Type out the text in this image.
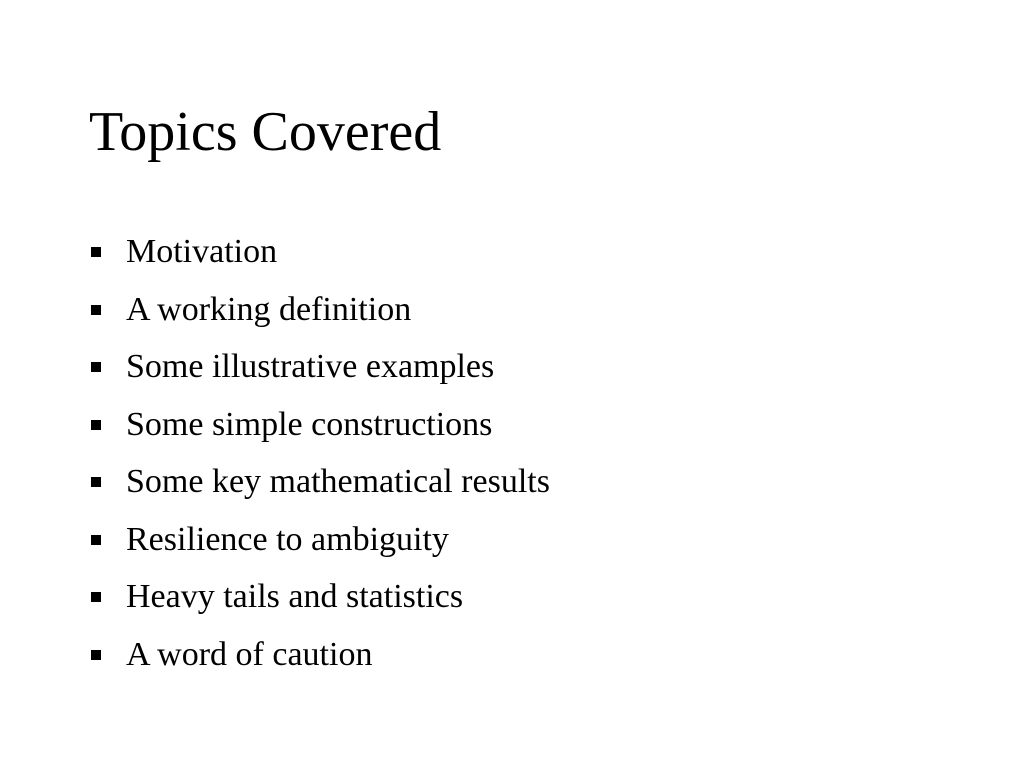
Topics Covered
Motivation
A working definition
Some illustrative examples
Some simple constructions
Some key mathematical results
Resilience to ambiguity
Heavy tails and statistics
A word of caution
